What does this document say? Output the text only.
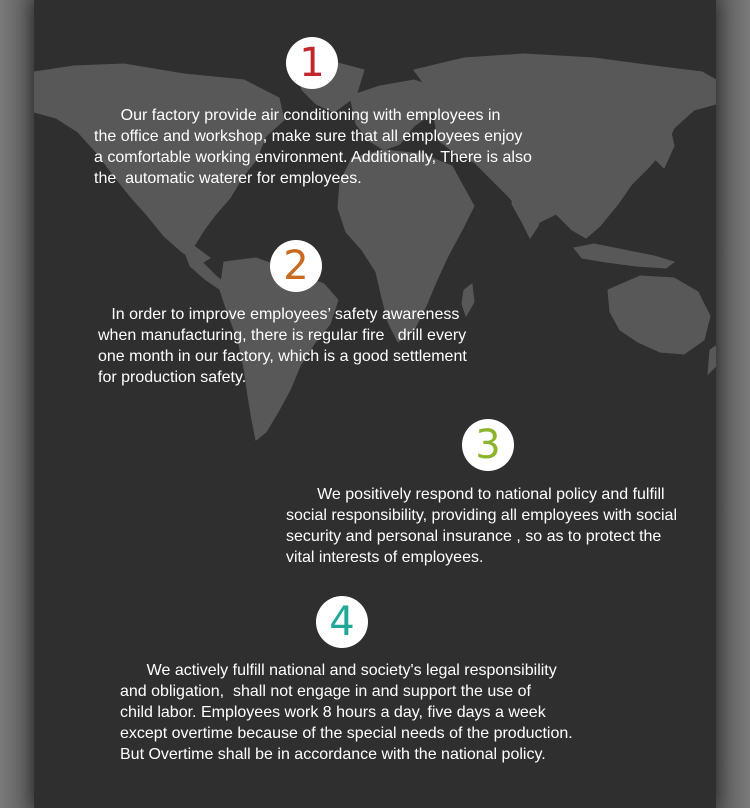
1
Our factory provide air conditioning with employees in
the office and workshop, make sure that all employees enjoy
a comfortable working environment. Additionally, There is also
the  automatic waterer for employees.
2
In order to improve employees’ safety awareness
when manufacturing, there is regular fire   drill every
one month in our factory, which is a good settlement
for production safety.
3
We positively respond to national policy and fulfill
social responsibility, providing all employees with social
security and personal insurance , so as to protect the
vital interests of employees.
4
We actively fulfill national and society's legal responsibility
and obligation,  shall not engage in and support the use of
child labor. Employees work 8 hours a day, five days a week
except overtime because of the special needs of the production.
But Overtime shall be in accordance with the national policy.
